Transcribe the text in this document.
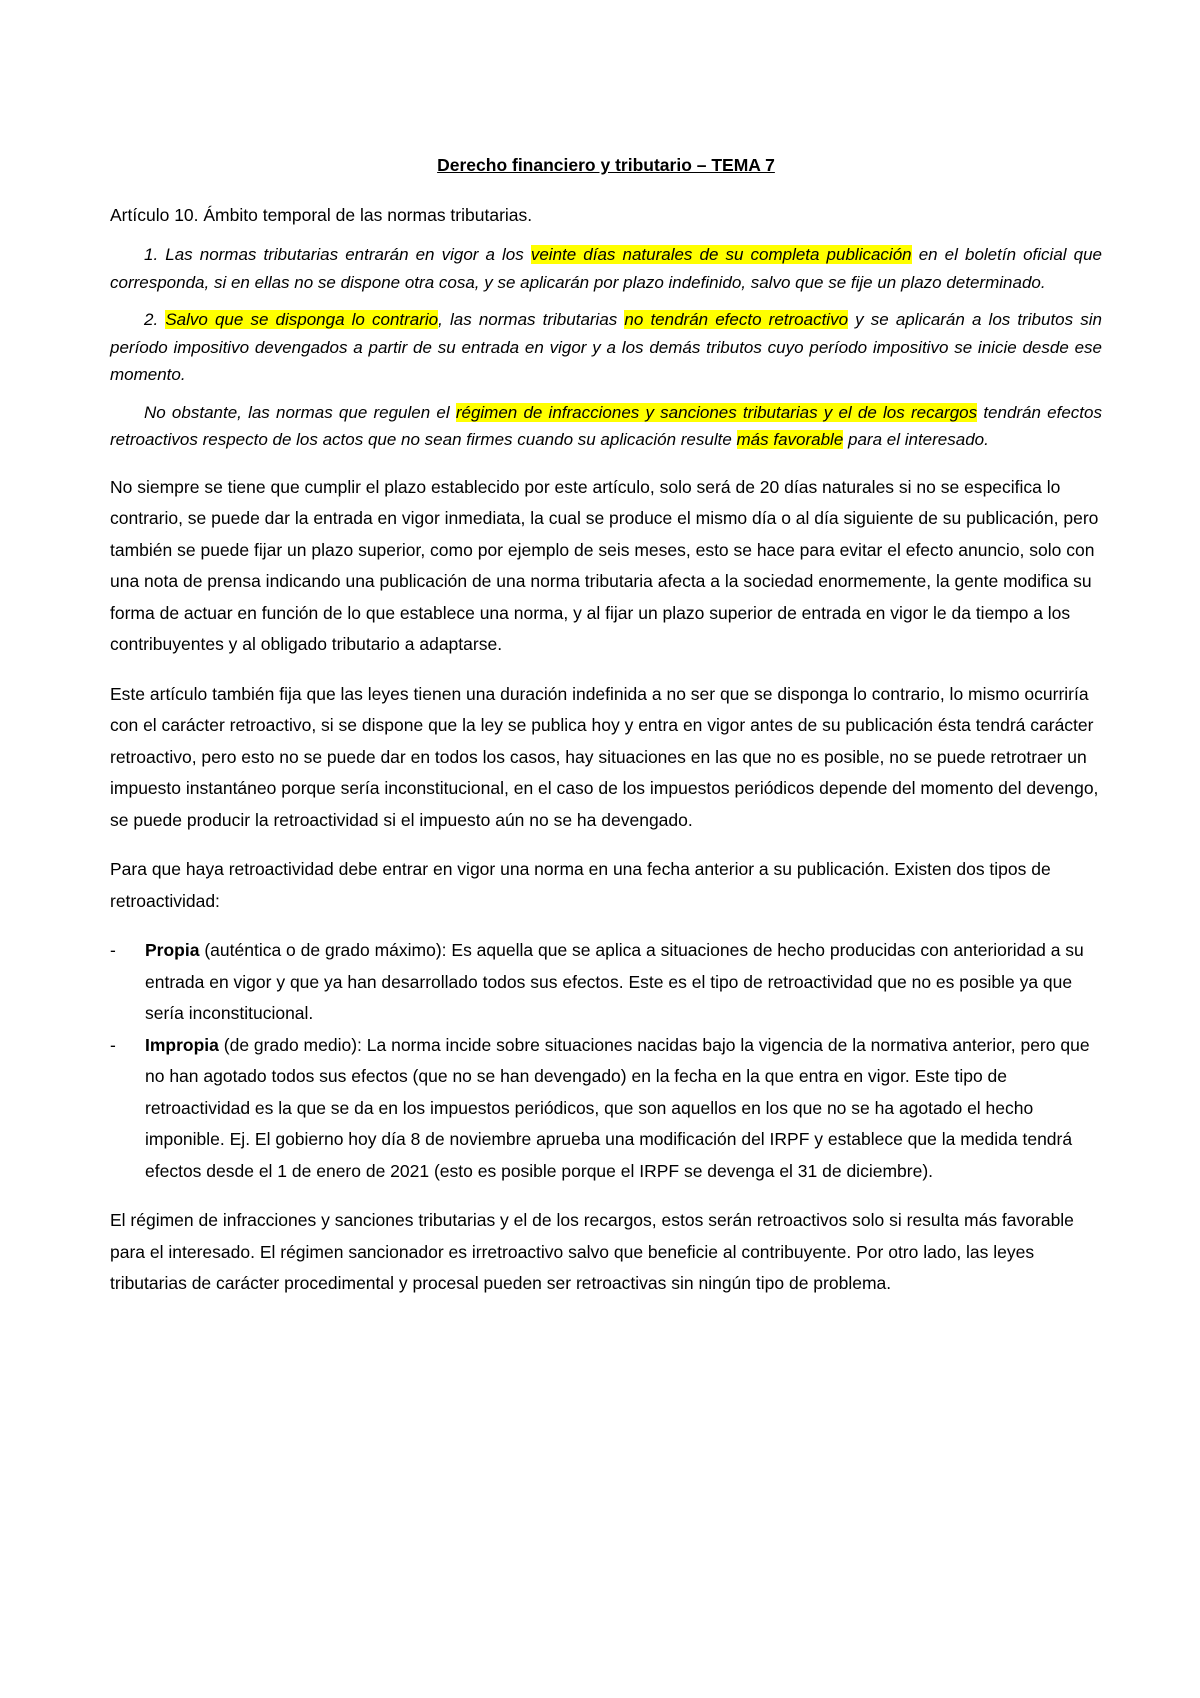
Derecho financiero y tributario – TEMA 7
Artículo 10. Ámbito temporal de las normas tributarias.
1. Las normas tributarias entrarán en vigor a los veinte días naturales de su completa publicación en el boletín oficial que corresponda, si en ellas no se dispone otra cosa, y se aplicarán por plazo indefinido, salvo que se fije un plazo determinado.
2. Salvo que se disponga lo contrario, las normas tributarias no tendrán efecto retroactivo y se aplicarán a los tributos sin período impositivo devengados a partir de su entrada en vigor y a los demás tributos cuyo período impositivo se inicie desde ese momento.
No obstante, las normas que regulen el régimen de infracciones y sanciones tributarias y el de los recargos tendrán efectos retroactivos respecto de los actos que no sean firmes cuando su aplicación resulte más favorable para el interesado.

No siempre se tiene que cumplir el plazo establecido por este artículo, solo será de 20 días naturales si no se especifica lo contrario, se puede dar la entrada en vigor inmediata, la cual se produce el mismo día o al día siguiente de su publicación, pero también se puede fijar un plazo superior, como por ejemplo de seis meses, esto se hace para evitar el efecto anuncio, solo con una nota de prensa indicando una publicación de una norma tributaria afecta a la sociedad enormemente, la gente modifica su forma de actuar en función de lo que establece una norma, y al fijar un plazo superior de entrada en vigor le da tiempo a los contribuyentes y al obligado tributario a adaptarse.

Este artículo también fija que las leyes tienen una duración indefinida a no ser que se disponga lo contrario, lo mismo ocurriría con el carácter retroactivo, si se dispone que la ley se publica hoy y entra en vigor antes de su publicación ésta tendrá carácter retroactivo, pero esto no se puede dar en todos los casos, hay situaciones en las que no es posible, no se puede retrotraer un impuesto instantáneo porque sería inconstitucional, en el caso de los impuestos periódicos depende del momento del devengo, se puede producir la retroactividad si el impuesto aún no se ha devengado.

Para que haya retroactividad debe entrar en vigor una norma en una fecha anterior a su publicación. Existen dos tipos de retroactividad:

- Propia (auténtica o de grado máximo): Es aquella que se aplica a situaciones de hecho producidas con anterioridad a su entrada en vigor y que ya han desarrollado todos sus efectos. Este es el tipo de retroactividad que no es posible ya que sería inconstitucional.
- Impropia (de grado medio): La norma incide sobre situaciones nacidas bajo la vigencia de la normativa anterior, pero que no han agotado todos sus efectos (que no se han devengado) en la fecha en la que entra en vigor. Este tipo de retroactividad es la que se da en los impuestos periódicos, que son aquellos en los que no se ha agotado el hecho imponible. Ej. El gobierno hoy día 8 de noviembre aprueba una modificación del IRPF y establece que la medida tendrá efectos desde el 1 de enero de 2021 (esto es posible porque el IRPF se devenga el 31 de diciembre).

El régimen de infracciones y sanciones tributarias y el de los recargos, estos serán retroactivos solo si resulta más favorable para el interesado. El régimen sancionador es irretroactivo salvo que beneficie al contribuyente. Por otro lado, las leyes tributarias de carácter procedimental y procesal pueden ser retroactivas sin ningún tipo de problema.
